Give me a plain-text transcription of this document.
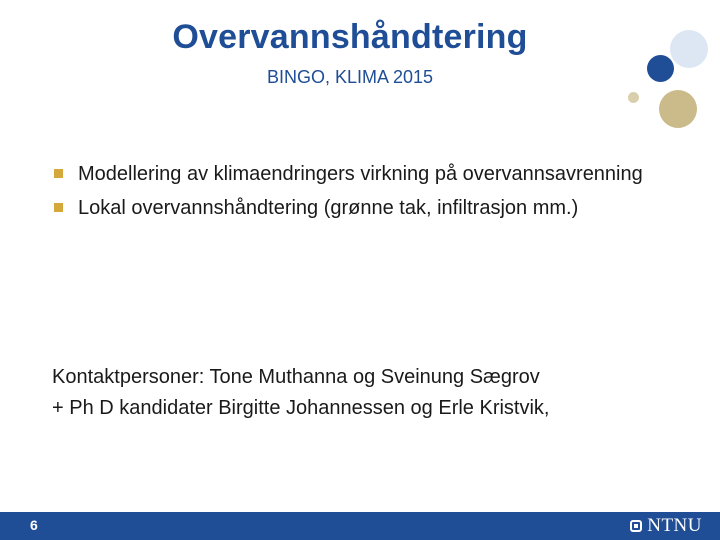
Overvannshåndtering
BINGO, KLIMA 2015
Modellering av klimaendringers virkning på overvannsavrenning
Lokal overvannshåndtering (grønne tak, infiltrasjon mm.)
Kontaktpersoner: Tone Muthanna og Sveinung Sægrov
+ Ph D kandidater Birgitte Johannessen og Erle Kristvik,
6	NTNU
